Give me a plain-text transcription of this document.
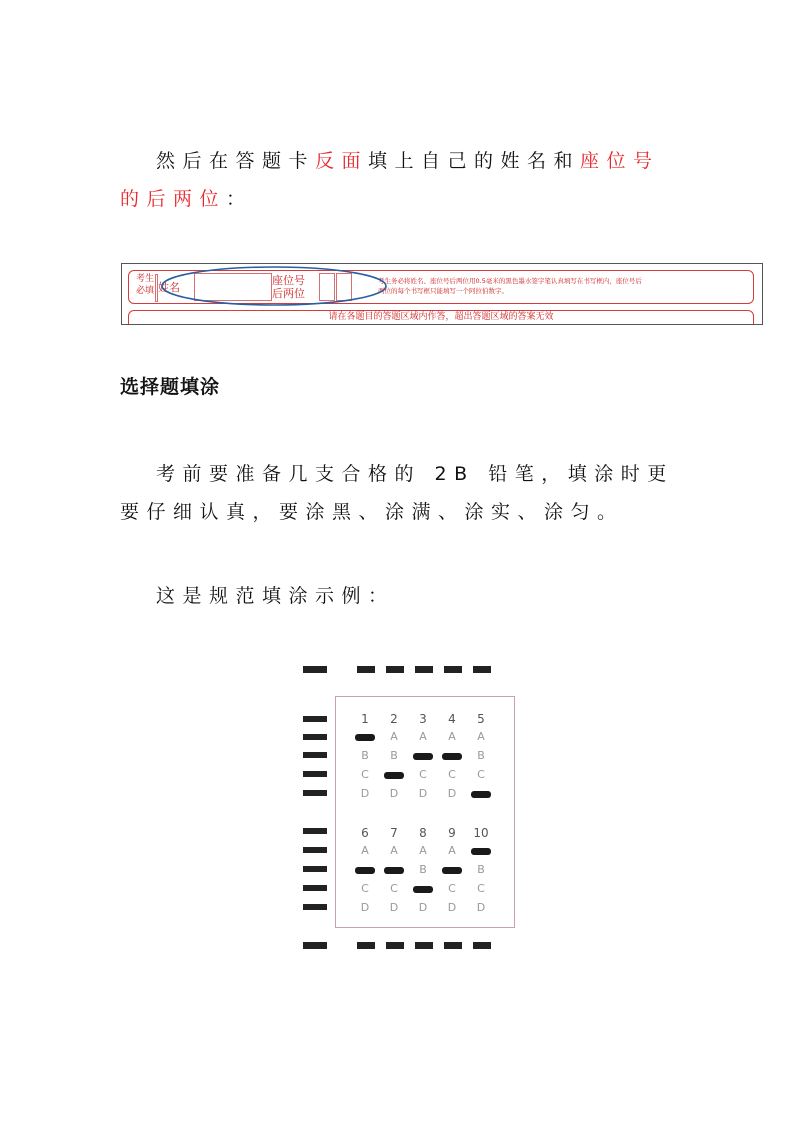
然后在答题卡反面填上自己的姓名和座位号的后两位：

考生
必填 姓名
座位号
后两位
考生务必将姓名、座位号后两位用0.5毫米的黑色墨水签字笔认真填写在书写框内，座位号后
两位的每个书写框只能填写一个阿拉伯数字。
请在各题目的答题区域内作答，超出答题区域的答案无效
选择题填涂

考前要准备几支合格的 2B 铅笔，填涂时更要仔细认真，要涂黑、涂满、涂实、涂匀。

这是规范填涂示例：

1
B
C
D
2
A
B
D
3
A
C
D
4
A
C
D
5
A
B
C
6
A
C
D
7
A
C
D
8
A
B
D
9
A
C
D
10
B
C
D
